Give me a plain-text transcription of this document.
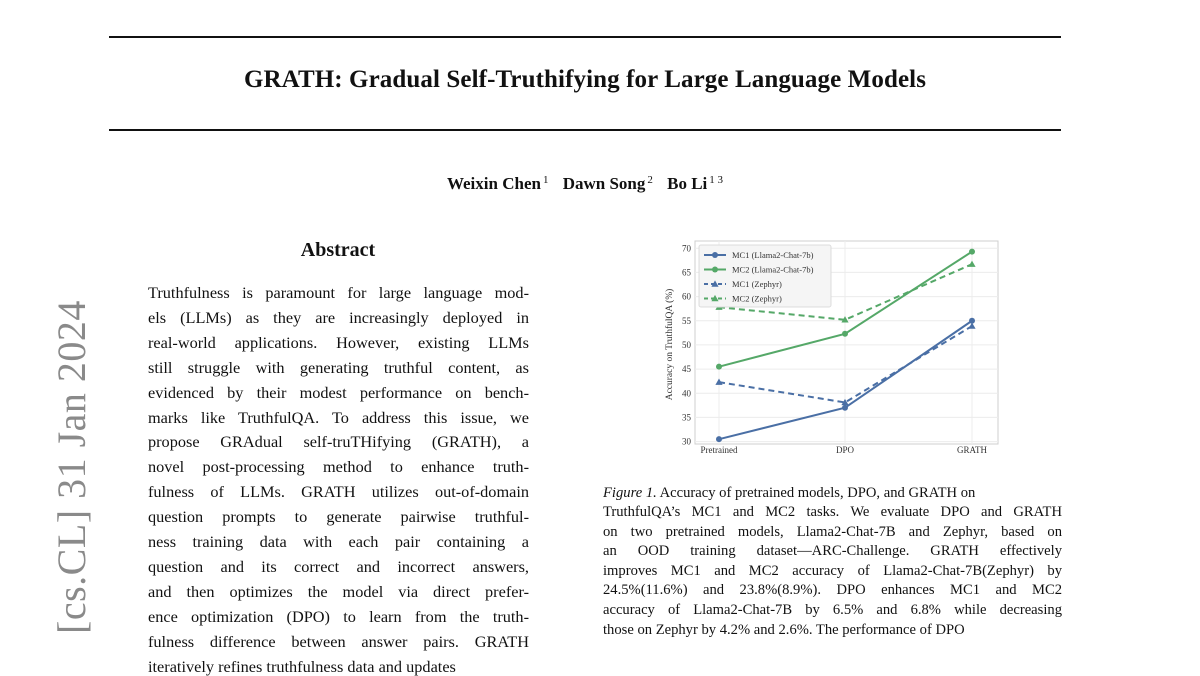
GRATH: Gradual Self-Truthifying for Large Language Models
Weixin Chen $^1$ Dawn Song $^2$ Bo Li $^{1 3}$
[cs.CL] 31 Jan 2024
Abstract
Truthfulness is paramount for large language mod-
els (LLMs) as they are increasingly deployed in
real-world applications. However, existing LLMs
still struggle with generating truthful content, as
evidenced by their modest performance on bench-
marks like TruthfulQA. To address this issue, we
propose GRAdual self-truTHifying (GRATH), a
novel post-processing method to enhance truth-
fulness of LLMs. GRATH utilizes out-of-domain
question prompts to generate pairwise truthful-
ness training data with each pair containing a
question and its correct and incorrect answers,
and then optimizes the model via direct prefer-
ence optimization (DPO) to learn from the truth-
fulness difference between answer pairs. GRATH
iteratively refines truthfulness data and updates
30
35
40
45
50
55
60
65
70
Pretrained	DPO	GRATH
Accuracy on TruthfulQA (%)
MC1 (Llama2-Chat-7b)
MC2 (Llama2-Chat-7b)
MC1 (Zephyr)
MC2 (Zephyr)
Figure 1. Accuracy of pretrained models, DPO, and GRATH on
TruthfulQA’s MC1 and MC2 tasks. We evaluate DPO and GRATH
on two pretrained models, Llama2-Chat-7B and Zephyr, based on
an OOD training dataset—ARC-Challenge. GRATH effectively
improves MC1 and MC2 accuracy of Llama2-Chat-7B(Zephyr) by
24.5%(11.6%) and 23.8%(8.9%). DPO enhances MC1 and MC2
accuracy of Llama2-Chat-7B by 6.5% and 6.8% while decreasing
those on Zephyr by 4.2% and 2.6%. The performance of DPO
